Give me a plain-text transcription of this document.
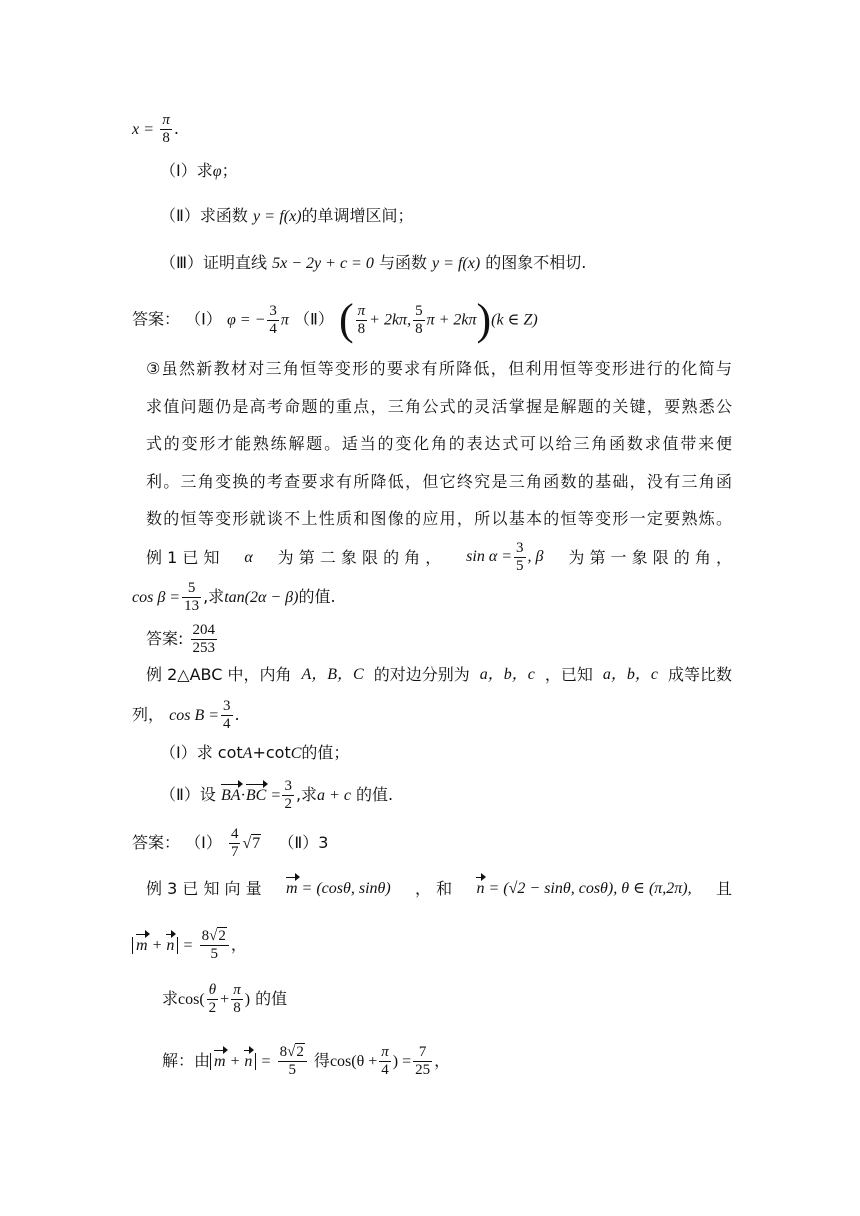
$x = \frac{\pi}{8}$ .
（Ⅰ）求φ；
（Ⅱ）求函数 y = f(x)的单调增区间；
（Ⅲ）证明直线 5x − 2y + c = 0 与函数 y = f(x) 的图象不相切.
答案： （Ⅰ） φ = − $\frac{3}{4}$ π （Ⅱ） ( $\frac{\pi}{8} + 2k\pi$, $\frac{5}{8}$ π + 2kπ)(k ∈ Z)
③虽然新教材对三角恒等变形的要求有所降低，但利用恒等变形进行的化简与
求值问题仍是高考命题的重点，三角公式的灵活掌握是解题的关键，要熟悉公
式的变形才能熟练解题。适当的变化角的表达式可以给三角函数求值带来便
利。三角变换的考查要求有所降低，但它终究是三角函数的基础，没有三角函
数的恒等变形就谈不上性质和图像的应用，所以基本的恒等变形一定要熟炼。
例 1 已 知 α 为 第 二 象 限 的 角 ， $\sin \alpha = \frac{3}{5}$ , β 为 第 一 象 限 的 角 ，
$\cos \beta = \frac{5}{13}$ ,求tan(2α − β)的值.
答案: $\frac{204}{253}$
例 2△ABC 中，内角 A，B，C 的对边分别为 a，b，c ，已知 a，b，c 成等比数
列， $\cos B = \frac{3}{4}$ .
（Ⅰ）求 cotA+cotC的值；
（Ⅱ）设 $BA\cdot BC = \frac{3}{2}$ ,求a + c 的值.
答案： （Ⅰ） $\frac{4}{7} √7$ （Ⅱ）3
例 3 已 知 向 量 m = (cosθ, sinθ) ， 和 n = (√2 − sinθ, cosθ), θ ∈ (π,2π), 且
$m + n = \frac{8√2}{5}$ ，
求$\cos( \frac{\theta}{2} + \frac{\pi}{8}$ ) 的值
解：由 $m + n = \frac{8√2}{5}$ 得$\cos(\theta + \frac{\pi}{4}$ ) = $\frac{7}{25}$ ，
